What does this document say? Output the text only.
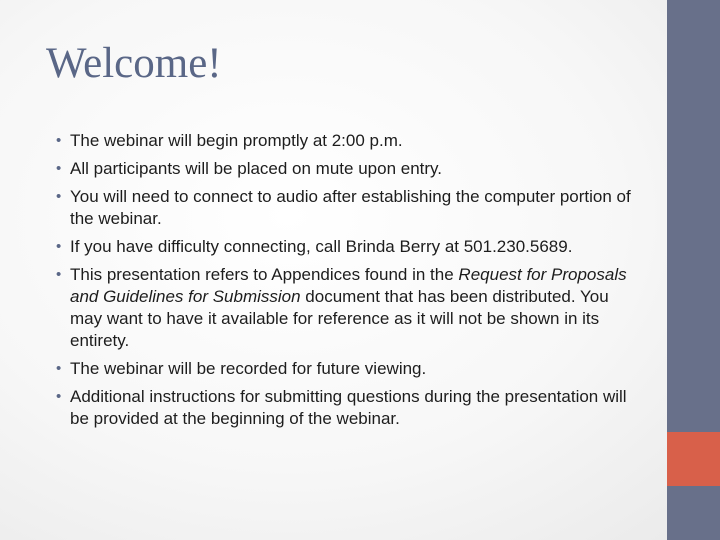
Welcome!
• The webinar will begin promptly at 2:00 p.m.
• All participants will be placed on mute upon entry.
• You will need to connect to audio after establishing the computer portion of the webinar.
• If you have difficulty connecting, call Brinda Berry at 501.230.5689.
• This presentation refers to Appendices found in the Request for Proposals and Guidelines for Submission document that has been distributed. You may want to have it available for reference as it will not be shown in its entirety.
• The webinar will be recorded for future viewing.
• Additional instructions for submitting questions during the presentation will be provided at the beginning of the webinar.
